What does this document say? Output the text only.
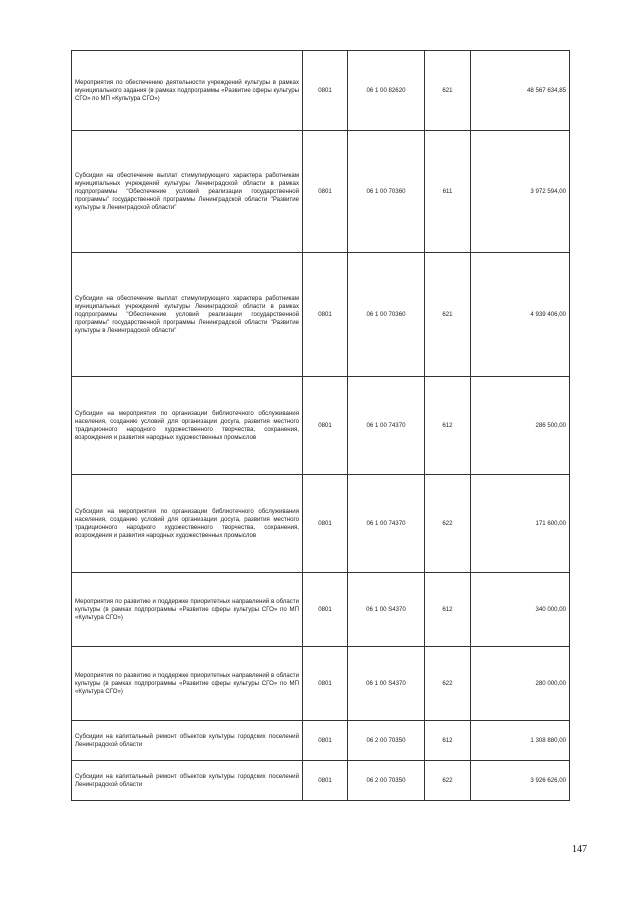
Мероприятия по обеспечению деятельности учреждений культуры в рамках муниципального задания (в рамках подпрограммы «Развитие сферы культуры СГО» по МП «Культура СГО»)	0801	06 1 00 82620	621	48 567 634,85
Субсидии на обеспечение выплат стимулирующего характера работникам муниципальных учреждений культуры Ленинградской области в рамках подпрограммы "Обеспечение условий реализации государственной программы" государственной программы Ленинградской области "Развитие культуры в Ленинградской области"	0801	06 1 00 70360	611	3 972 594,00
Субсидии на обеспечение выплат стимулирующего характера работникам муниципальных учреждений культуры Ленинградской области в рамках подпрограммы "Обеспечение условий реализации государственной программы" государственной программы Ленинградской области "Развитие культуры в Ленинградской области"	0801	06 1 00 70360	621	4 939 406,00
Субсидии на мероприятия по организации библиотечного обслуживания населения, созданию условий для организации досуга, развития местного традиционного народного художественного творчества, сохранения, возрождения и развития народных художественных промыслов	0801	06 1 00 74370	612	286 500,00
Субсидии на мероприятия по организации библиотечного обслуживания населения, созданию условий для организации досуга, развития местного традиционного народного художественного творчества, сохранения, возрождения и развития народных художественных промыслов	0801	06 1 00 74370	622	171 600,00
Мероприятия по развитию и поддержке приоритетных направлений в области культуры (в рамках подпрограммы «Развитие сферы культуры СГО» по МП «Культура СГО»)	0801	06 1 00 S4370	612	340 000,00
Мероприятия по развитию и поддержке приоритетных направлений в области культуры (в рамках подпрограммы «Развитие сферы культуры СГО» по МП «Культура СГО»)	0801	06 1 00 S4370	622	280 000,00
Субсидии на капитальный ремонт объектов культуры городских поселений Ленинградской области	0801	06 2 00 70350	612	1 308 880,00
Субсидии на капитальный ремонт объектов культуры городских поселений Ленинградской области	0801	06 2 00 70350	622	3 926 626,00
147
